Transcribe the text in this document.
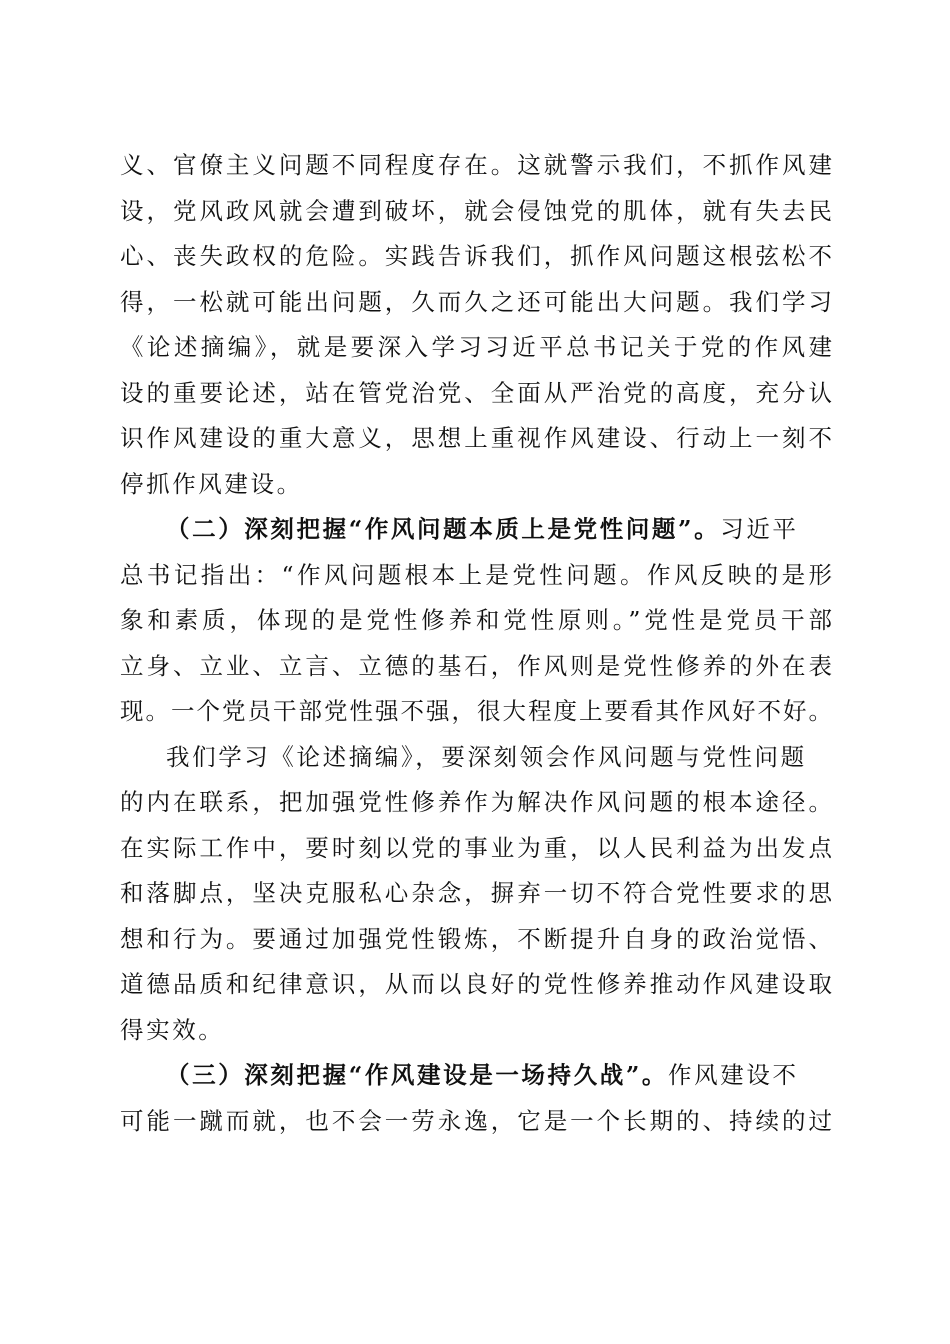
义、官僚主义问题不同程度存在。这就警示我们，不抓作风建
设，党风政风就会遭到破坏，就会侵蚀党的肌体，就有失去民
心、丧失政权的危险。实践告诉我们，抓作风问题这根弦松不
得，一松就可能出问题，久而久之还可能出大问题。我们学习
《论述摘编》，就是要深入学习习近平总书记关于党的作风建
设的重要论述，站在管党治党、全面从严治党的高度，充分认
识作风建设的重大意义，思想上重视作风建设、行动上一刻不
停抓作风建设。
（二）深刻把握“作风问题本质上是党性问题”。习近平
总书记指出：“作风问题根本上是党性问题。作风反映的是形
象和素质，体现的是党性修养和党性原则。”党性是党员干部
立身、立业、立言、立德的基石，作风则是党性修养的外在表
现。一个党员干部党性强不强，很大程度上要看其作风好不好。
我们学习《论述摘编》，要深刻领会作风问题与党性问题
的内在联系，把加强党性修养作为解决作风问题的根本途径。
在实际工作中，要时刻以党的事业为重，以人民利益为出发点
和落脚点，坚决克服私心杂念，摒弃一切不符合党性要求的思
想和行为。要通过加强党性锻炼，不断提升自身的政治觉悟、
道德品质和纪律意识，从而以良好的党性修养推动作风建设取
得实效。
（三）深刻把握“作风建设是一场持久战”。作风建设不
可能一蹴而就，也不会一劳永逸，它是一个长期的、持续的过
